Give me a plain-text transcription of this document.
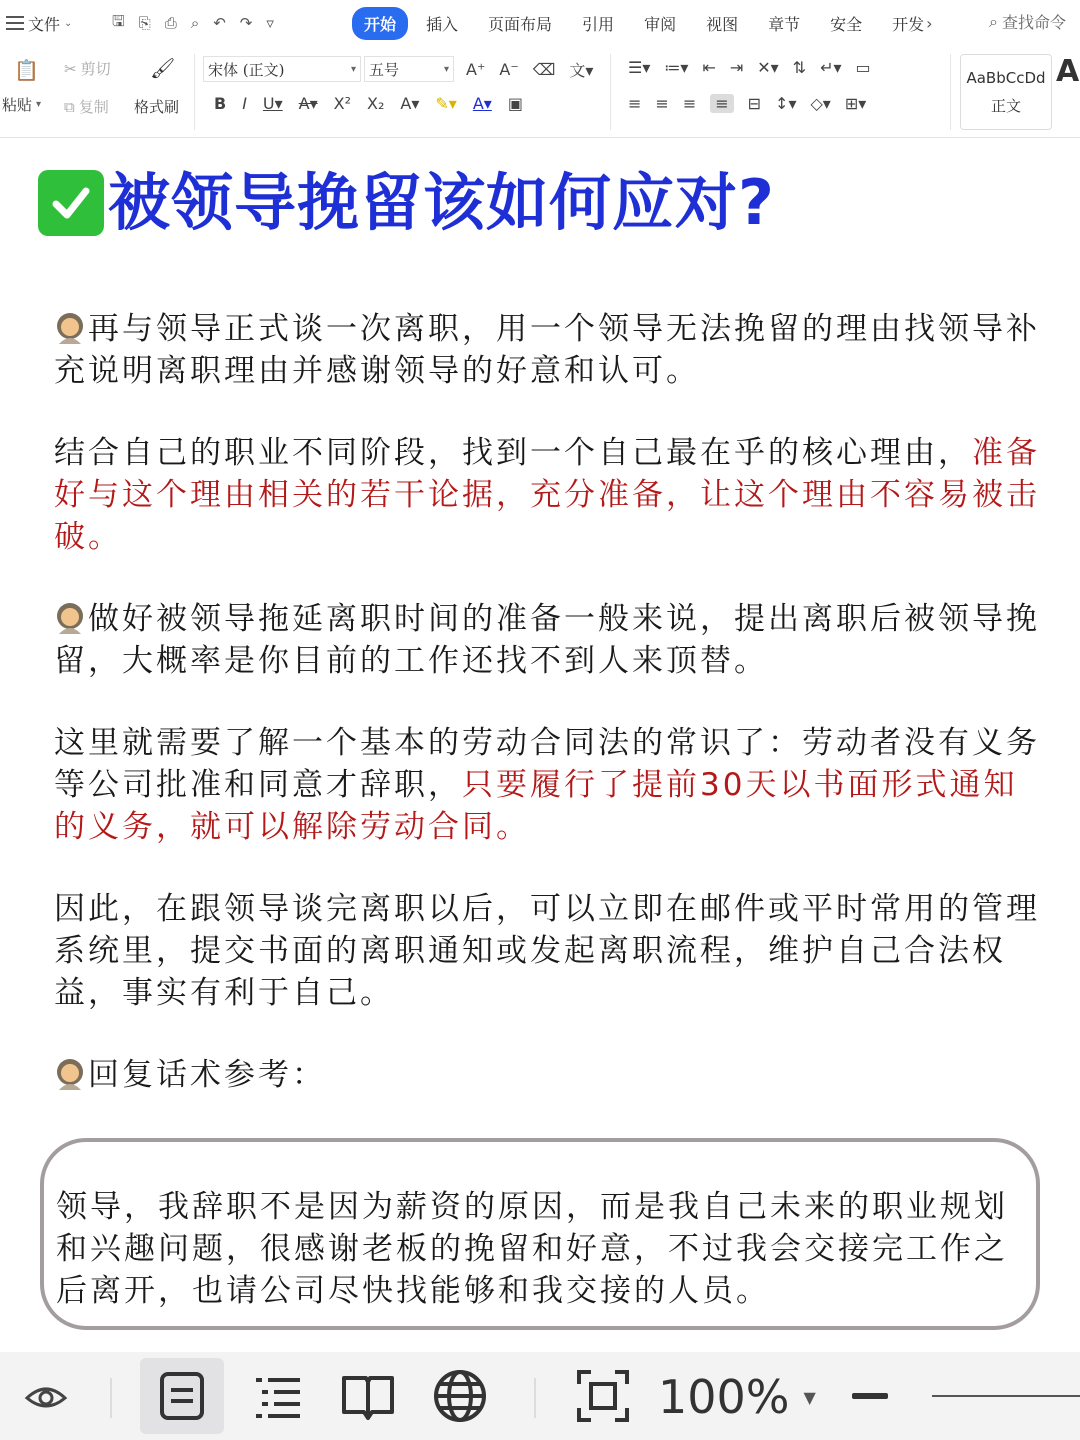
文件 ⌄	🖫 ⎘ ⎙ ⌕ ↶ ↷ ▿	开始	插入	页面布局	引用	审阅	视图	章节	安全	开发 ›	⌕ 查找命令
📋
粘贴 ▾
✂ 剪切
⧉ 复制
🖌
格式刷
宋体 (正文)	▾ 五号	▾ A⁺ A⁻ ⌫ 文▾
B I U▾ A▾ X² X₂ A▾ ✎▾ A▾ ▣
☰▾ ≔▾ ⇤ ⇥ ✕▾ ⇅ ↵▾ ▭
≡ ≡ ≡	≡	⊟ ↕▾ ◇▾ ⊞▾
AaBbCcDd
正文
A
被领导挽留该如何应对?

再与领导正式谈一次离职，用一个领导无法挽留的理由找领导补充说明离职理由并感谢领导的好意和认可。

结合自己的职业不同阶段，找到一个自己最在乎的核心理由，准备好与这个理由相关的若干论据，充分准备，让这个理由不容易被击破。

做好被领导拖延离职时间的准备一般来说，提出离职后被领导挽留，大概率是你目前的工作还找不到人来顶替。

这里就需要了解一个基本的劳动合同法的常识了：劳动者没有义务等公司批准和同意才辞职，只要履行了提前30天以书面形式通知的义务，就可以解除劳动合同。

因此，在跟领导谈完离职以后，可以立即在邮件或平时常用的管理系统里，提交书面的离职通知或发起离职流程，维护自己合法权益，事实有利于自己。

回复话术参考：

领导，我辞职不是因为薪资的原因，而是我自己未来的职业规划和兴趣问题，很感谢老板的挽留和好意，不过我会交接完工作之后离开，也请公司尽快找能够和我交接的人员。

100% ▼
